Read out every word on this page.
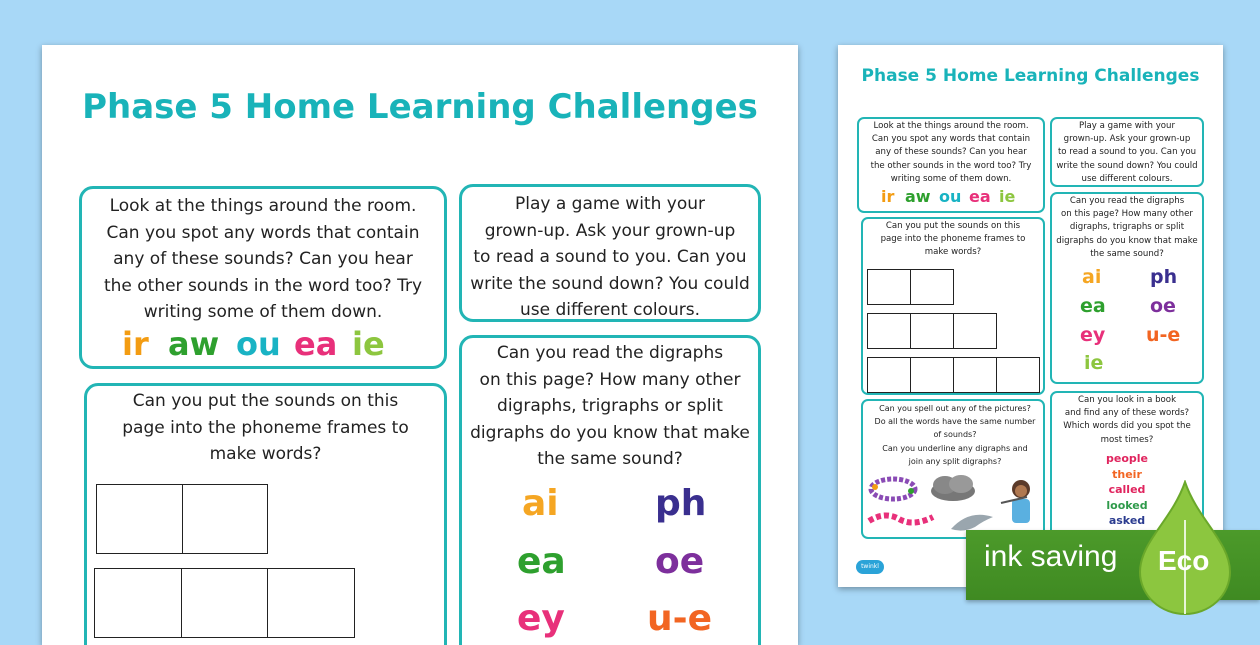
Phase 5 Home Learning Challenges

Look at the things around the room.

Can you spot any words that contain

any of these sounds? Can you hear

the other sounds in the word too? Try

writing some of them down.

ir aw ou ea ie

Play a game with your

grown-up. Ask your grown-up

to read a sound to you. Can you

write the sound down? You could

use different colours.

Can you put the sounds on this

page into the phoneme frames to

make words?

Can you read the digraphs

on this page? How many other

digraphs, trigraphs or split

digraphs do you know that make

the same sound?

ai	ph
ea oe
ey u-e
Phase 5 Home Learning Challenges

Look at the things around the room.

Can you spot any words that contain

any of these sounds? Can you hear

the other sounds in the word too? Try

writing some of them down.

ir aw ou ea ie

Play a game with your

grown-up. Ask your grown-up

to read a sound to you. Can you

write the sound down? You could

use different colours.

Can you put the sounds on this

page into the phoneme frames to

make words?

Can you read the digraphs

on this page? How many other

digraphs, trigraphs or split

digraphs do you know that make

the same sound?

ai	ph
ea oe
ey u-e
ie

Can you spell out any of the pictures?

Do all the words have the same number

of sounds?

Can you underline any digraphs and

join any split digraphs?

Can you look in a book

and find any of these words?

Which words did you spot the

most times?

people
their
called
looked
asked
twinkl	ink saving Eco
